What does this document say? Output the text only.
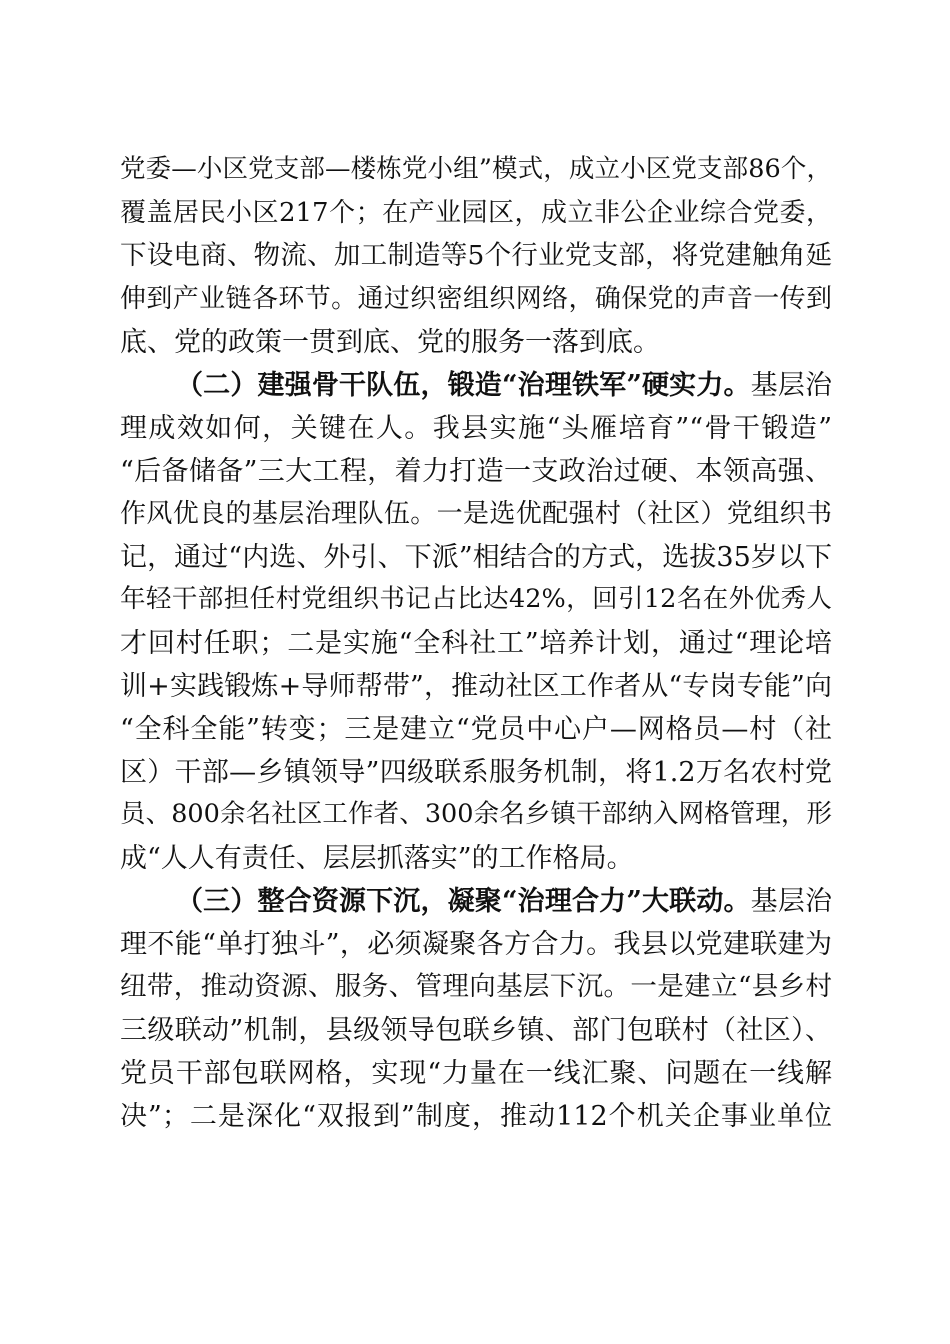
党委—小区党支部—楼栋党小组”模式，成立小区党支部86个，
覆盖居民小区217个；在产业园区，成立非公企业综合党委，
下设电商、物流、加工制造等5个行业党支部，将党建触角延
伸到产业链各环节。通过织密组织网络，确保党的声音一传到
底、党的政策一贯到底、党的服务一落到底。
（二）建强骨干队伍，锻造“治理铁军”硬实力。基层治
理成效如何，关键在人。我县实施“头雁培育”“骨干锻造”
“后备储备”三大工程，着力打造一支政治过硬、本领高强、
作风优良的基层治理队伍。一是选优配强村（社区）党组织书
记，通过“内选、外引、下派”相结合的方式，选拔35岁以下
年轻干部担任村党组织书记占比达42%，回引12名在外优秀人
才回村任职；二是实施“全科社工”培养计划，通过“理论培
训+实践锻炼+导师帮带”，推动社区工作者从“专岗专能”向
“全科全能”转变；三是建立“党员中心户—网格员—村（社
区）干部—乡镇领导”四级联系服务机制，将1.2万名农村党
员、800余名社区工作者、300余名乡镇干部纳入网格管理，形
成“人人有责任、层层抓落实”的工作格局。
（三）整合资源下沉，凝聚“治理合力”大联动。基层治
理不能“单打独斗”，必须凝聚各方合力。我县以党建联建为
纽带，推动资源、服务、管理向基层下沉。一是建立“县乡村
三级联动”机制，县级领导包联乡镇、部门包联村（社区）、
党员干部包联网格，实现“力量在一线汇聚、问题在一线解
决”；二是深化“双报到”制度，推动112个机关企事业单位
